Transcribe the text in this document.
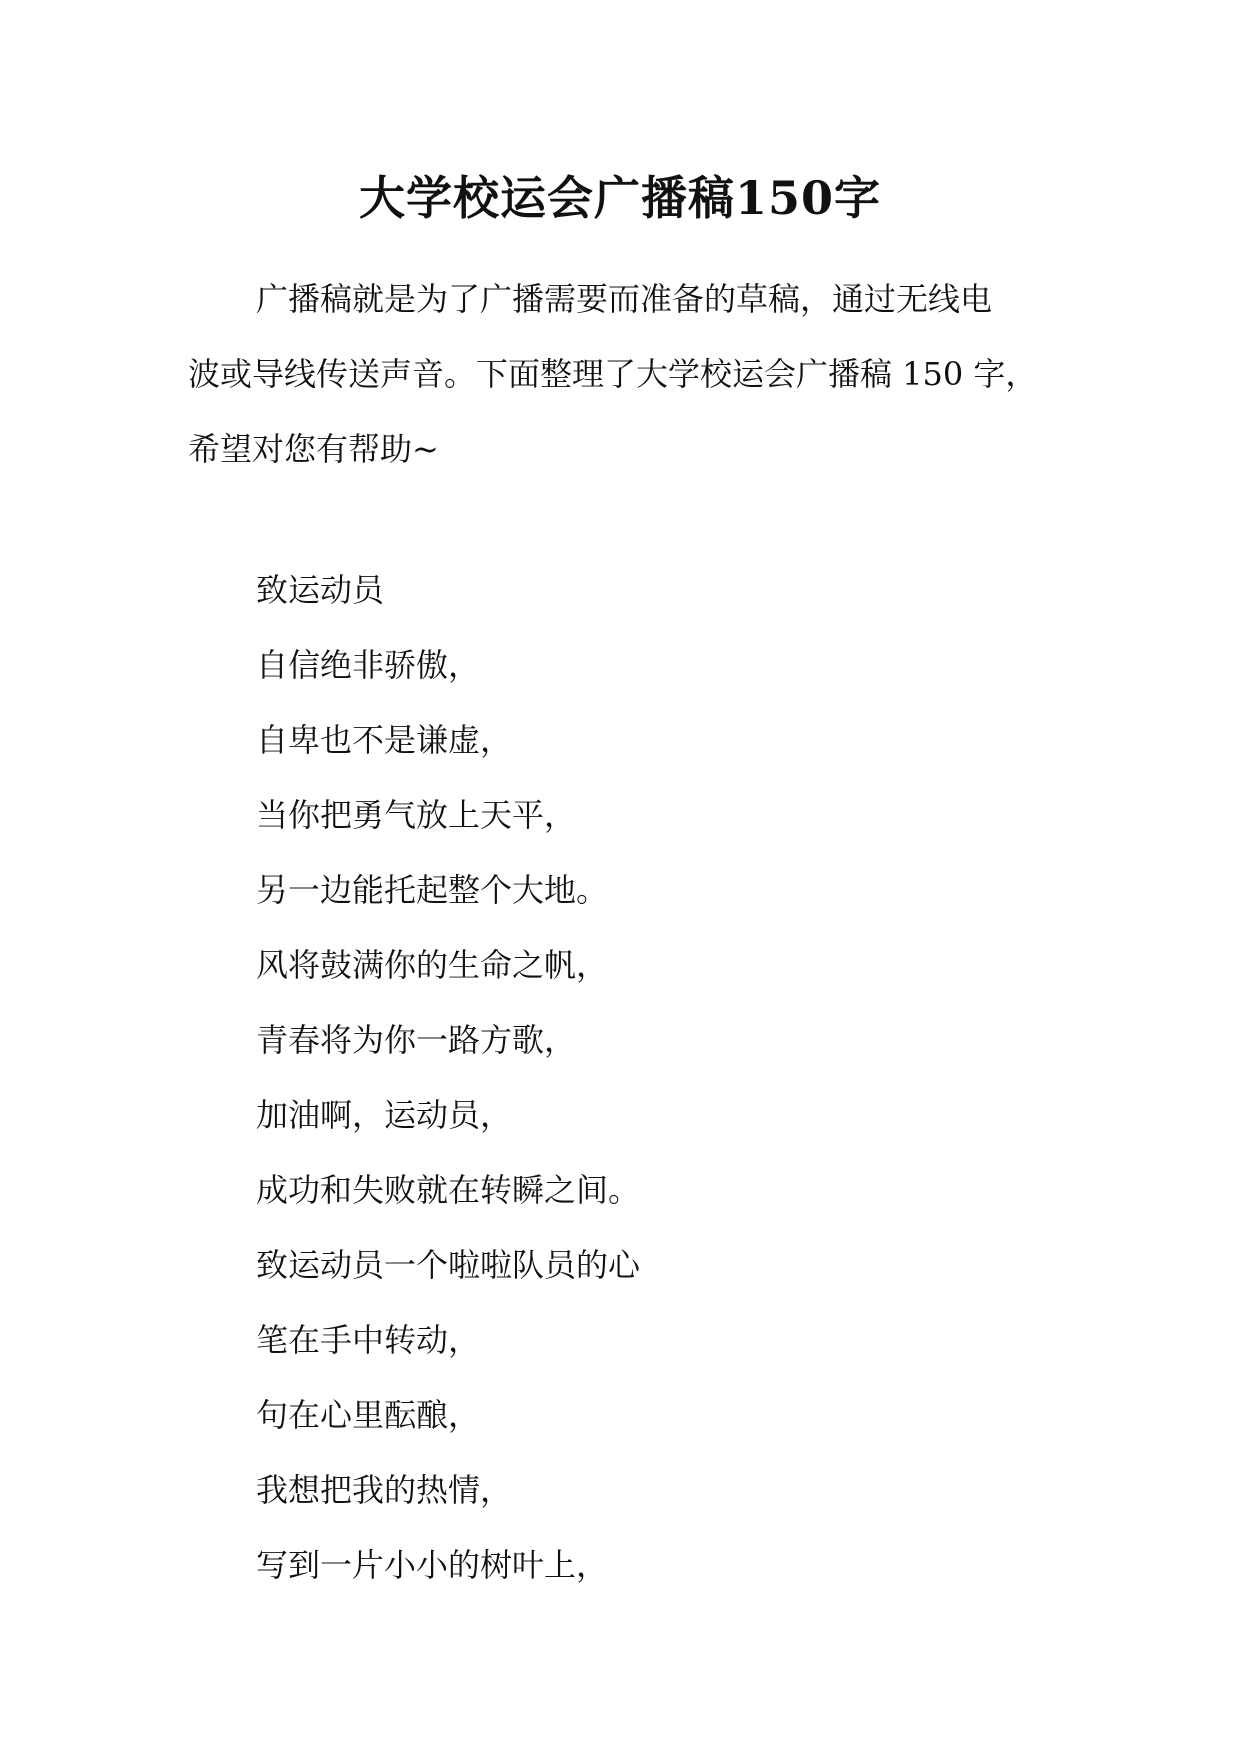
大学校运会广播稿150字

广播稿就是为了广播需要而准备的草稿，通过无线电
波或导线传送声音。下面整理了大学校运会广播稿 150 字，
希望对您有帮助~

致运动员
自信绝非骄傲，
自卑也不是谦虚，
当你把勇气放上天平，
另一边能托起整个大地。
风将鼓满你的生命之帆，
青春将为你一路方歌，
加油啊，运动员，
成功和失败就在转瞬之间。
致运动员一个啦啦队员的心
笔在手中转动，
句在心里酝酿，
我想把我的热情，
写到一片小小的树叶上，
